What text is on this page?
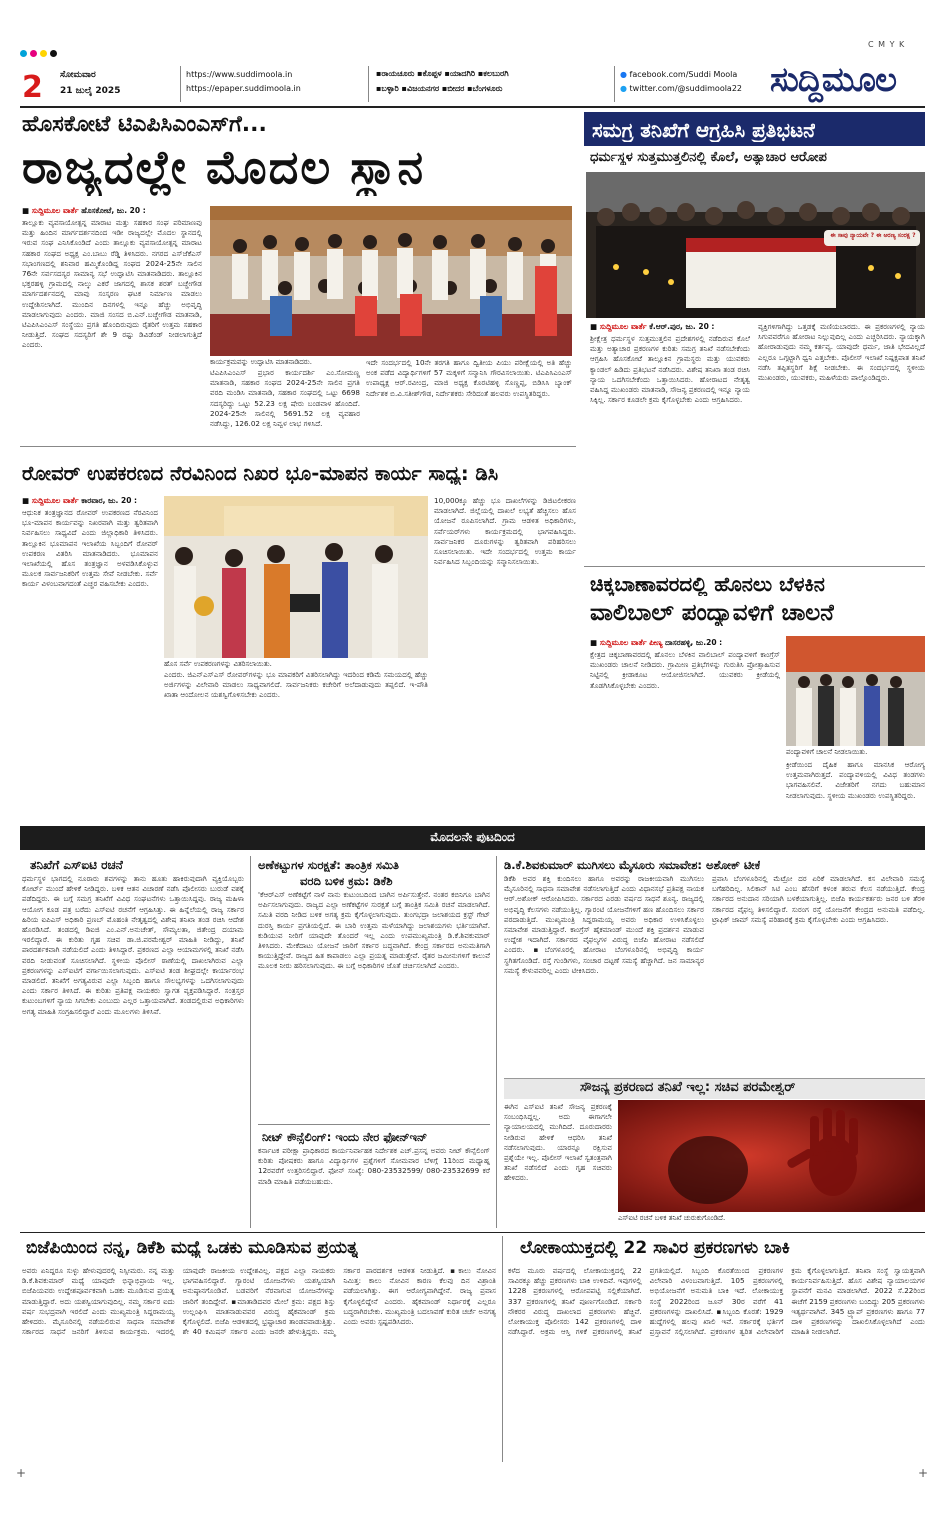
C M Y K
2 ಸೋಮವಾರ
21 ಜುಲೈ 2025
https://www.suddimoola.in
https://epaper.suddimoola.in
▪ರಾಯಚೂರು ▪ಕೊಪ್ಪಳ ▪ಯಾದಗಿರಿ ▪ಕಲಬುರಗಿ
▪ಬಳ್ಳಾರಿ ▪ವಿಜಯನಗರ ▪ಬೀದರ ▪ಬೆಂಗಳೂರು
● facebook.com/Suddi Moola
● twitter.com/@suddimoola22 ಸುದ್ದಿಮೂಲ
ಹೊಸಕೋಟೆ ಟಿಎಪಿಸಿಎಂಎಸ್‌ಗೆ...
ರಾಜ್ಯದಲ್ಲೇ ಮೊದಲ ಸ್ಥಾನ
■ ಸುದ್ದಿಮೂಲ ವಾರ್ತೆ ಹೊಸಕೋಟೆ, ಜು. 20 :
ತಾಲ್ಲೂಕು ವ್ಯವಸಾಯೋತ್ಪನ್ನ ಮಾರಾಟ ಮತ್ತು ಸಹಕಾರ ಸಂಘ ಪರಿಮಾಣವು ಮತ್ತು ಹಿಂದಿನ ಮಾರ್ಗದರ್ಶನದಿಂದ ಇಡೀ ರಾಜ್ಯದಲ್ಲೇ ಮೊದಲ ಸ್ಥಾನದಲ್ಲಿ ಇರುವ ಸಂಘ ಎನಿಸಿಕೊಂಡಿದೆ ಎಂದು ತಾಲ್ಲೂಕು ವ್ಯವಸಾಯೋತ್ಪನ್ನ ಮಾರಾಟ ಸಹಕಾರ ಸಂಘದ ಅಧ್ಯಕ್ಷ ಎಂ.ಬಾಬು ರೆಡ್ಡಿ ತಿಳಿಸಿದರು. ನಗರದ ಎಸ್‌ಜೆಕೆಎಸ್ ಸಭಾಂಗಣದಲ್ಲಿ ಶನಿವಾರ ಹಮ್ಮಿಕೊಂಡಿದ್ದ ಸಂಘದ 2024-25ನೇ ಸಾಲಿನ 76ನೇ ಸರ್ವಸದಸ್ಯರ ಸಾಮಾನ್ಯ ಸಭೆ ಉದ್ಘಾಟಿಸಿ ಮಾತನಾಡಿದರು. ತಾಲ್ಲೂಕಿನ ಭಕ್ತರಹಳ್ಳಿ ಗ್ರಾಮದಲ್ಲಿ ನಾಲ್ಕು ಎಕರೆ ಜಾಗದಲ್ಲಿ ಶಾಸಕ ಶರತ್ ಬಚ್ಚೇಗೌಡ ಮಾರ್ಗದರ್ಶನದಲ್ಲಿ ಮಾವು ಸಂಸ್ಕರಣ ಘಟಕ ನಿರ್ಮಾಣ ಮಾಡಲು ಉದ್ದೇಶಿಸಲಾಗಿದೆ. ಮುಂದಿನ ದಿನಗಳಲ್ಲಿ ಇನ್ನೂ ಹೆಚ್ಚು ಅಭಿವೃದ್ಧಿ ಮಾಡಲಾಗುವುದು ಎಂದರು. ಮಾಜಿ ಸಂಸದ ಬಿ.ಎನ್.ಬಚ್ಚೇಗೌಡ ಮಾತನಾಡಿ, ಟಿಎಪಿಸಿಎಂಎಸ್ ಸಂಸ್ಥೆಯು ಪ್ರಗತಿ ಹೊಂದಿರುವುದು ರೈತರಿಗೆ ಉತ್ತಮ ಸಹಕಾರ ನೀಡುತ್ತಿದೆ. ಸಂಘದ ಸದಸ್ಯರಿಗೆ ಶೇ 9 ರಷ್ಟು ಡಿವಿಡೆಂಡ್ ನೀಡಲಾಗುತ್ತಿದೆ ಎಂದರು.
ಕಾರ್ಯಕ್ರಮವನ್ನು ಉದ್ಘಾಟಿಸಿ ಮಾತನಾಡಿದರು.
ಟಿಎಪಿಸಿಎಂಎಸ್ ಪ್ರಭಾರ ಕಾರ್ಯದರ್ಶಿ ಎಂ.ಸೋಮಣ್ಣ ಮಾತನಾಡಿ, ಸಹಕಾರ ಸಂಘದ 2024-25ನೇ ಸಾಲಿನ ಪ್ರಗತಿ ವರದಿ ಮಂಡಿಸಿ ಮಾತನಾಡಿ, ಸಹಕಾರ ಸಂಘದಲ್ಲಿ ಒಟ್ಟು 6698 ಸದಸ್ಯರಿದ್ದು ಒಟ್ಟು 52.23 ಲಕ್ಷ ಷೇರು ಬಂಡವಾಳ ಹೊಂದಿದೆ. 2024-25ನೇ ಸಾಲಿನಲ್ಲಿ 5691.52 ಲಕ್ಷ ವ್ಯವಹಾರ ನಡೆಸಿದ್ದು, 126.02 ಲಕ್ಷ ನಿವ್ವಳ ಲಾಭ ಗಳಿಸಿದೆ.
ಇದೇ ಸಂದರ್ಭದಲ್ಲಿ 10ನೇ ತರಗತಿ ಹಾಗೂ ದ್ವಿತೀಯ ಪಿಯು ಪರೀಕ್ಷೆಯಲ್ಲಿ ಅತಿ ಹೆಚ್ಚು ಅಂಕ ಪಡೆದ ವಿದ್ಯಾರ್ಥಿಗಳಿಗೆ 57 ಮಕ್ಕಳಿಗೆ ಸನ್ಮಾನಿಸಿ ಗೌರವಿಸಲಾಯಿತು. ಟಿಎಪಿಸಿಎಂಎಸ್ ಉಪಾಧ್ಯಕ್ಷ ಆರ್.ರವೀಂದ್ರ, ಮಾಜಿ ಅಧ್ಯಕ್ಷ ಕೊರಟಿಹಳ್ಳಿ ಸೊಣ್ಣಪ್ಪ, ಬಿಡಿಸಿಸಿ ಬ್ಯಾಂಕ್ ನಿರ್ದೇಶಕ ಬಿ.ವಿ.ಸತೀಶ್‌ಗೌಡ, ನಿರ್ದೇಶಕರು ಸೇರಿದಂತೆ ಹಲವರು ಉಪಸ್ಥಿತರಿದ್ದರು.
ಸಮಗ್ರ ತನಿಖೆಗೆ ಆಗ್ರಹಿಸಿ ಪ್ರತಿಭಟನೆ
ಧರ್ಮಸ್ಥಳ ಸುತ್ತಮುತ್ತಲಿನಲ್ಲಿ ಕೊಲೆ, ಅತ್ಯಾಚಾರ ಆರೋಪ
ಈ ಸಾವು ನ್ಯಾಯವೇ ? ಈ ಅರಣ್ಯ ಸಂರಕ್ಷ ?
■ ಸುದ್ದಿಮೂಲ ವಾರ್ತೆ ಕೆ.ಆರ್.ಪುರ, ಜು. 20 :
ಶ್ರೀಕ್ಷೇತ್ರ ಧರ್ಮಸ್ಥಳ ಸುತ್ತಮುತ್ತಲಿನ ಪ್ರದೇಶಗಳಲ್ಲಿ ನಡೆದಿರುವ ಕೊಲೆ ಮತ್ತು ಅತ್ಯಾಚಾರ ಪ್ರಕರಣಗಳ ಕುರಿತು ಸಮಗ್ರ ತನಿಖೆ ನಡೆಸಬೇಕೆಂದು ಆಗ್ರಹಿಸಿ ಹೊಸಕೋಟೆ ತಾಲ್ಲೂಕಿನ ಗ್ರಾಮಸ್ಥರು ಮತ್ತು ಯುವಕರು ಕ್ಯಾಂಡಲ್ ಹಿಡಿದು ಪ್ರತಿಭಟನೆ ನಡೆಸಿದರು. ವಿಶೇಷ ತನಿಖಾ ತಂಡ ರಚಿಸಿ ನ್ಯಾಯ ಒದಗಿಸಬೇಕೆಂದು ಒತ್ತಾಯಿಸಿದರು. ಹೋರಾಟದ ನೇತೃತ್ವ ವಹಿಸಿದ್ದ ಮುಖಂಡರು ಮಾತನಾಡಿ, ಸೌಜನ್ಯ ಪ್ರಕರಣದಲ್ಲಿ ಇನ್ನೂ ನ್ಯಾಯ ಸಿಕ್ಕಿಲ್ಲ. ಸರ್ಕಾರ ಕೂಡಲೇ ಕ್ರಮ ಕೈಗೊಳ್ಳಬೇಕು ಎಂದು ಆಗ್ರಹಿಸಿದರು.
ವ್ಯಕ್ತಿಗಳಿಗಾಗಿದ್ದು ಒತ್ತಡಕ್ಕೆ ಮಣಿಯಬಾರದು. ಈ ಪ್ರಕರಣಗಳಲ್ಲಿ ನ್ಯಾಯ ಸಿಗುವವರೆಗೂ ಹೋರಾಟ ನಿಲ್ಲುವುದಿಲ್ಲ ಎಂದು ಎಚ್ಚರಿಸಿದರು. ನ್ಯಾಯಕ್ಕಾಗಿ ಹೋರಾಡುವುದು ನಮ್ಮ ಕರ್ತವ್ಯ. ಯಾವುದೇ ಧರ್ಮ, ಜಾತಿ ಭೇದವಿಲ್ಲದೆ ಎಲ್ಲರೂ ಒಗ್ಗಟ್ಟಾಗಿ ಧ್ವನಿ ಎತ್ತಬೇಕು. ಪೊಲೀಸ್ ಇಲಾಖೆ ನಿಷ್ಪಕ್ಷಪಾತ ತನಿಖೆ ನಡೆಸಿ ತಪ್ಪಿತಸ್ಥರಿಗೆ ಶಿಕ್ಷೆ ನೀಡಬೇಕು. ಈ ಸಂದರ್ಭದಲ್ಲಿ ಸ್ಥಳೀಯ ಮುಖಂಡರು, ಯುವಕರು, ಮಹಿಳೆಯರು ಪಾಲ್ಗೊಂಡಿದ್ದರು.
ರೋವರ್ ಉಪಕರಣದ ನೆರವಿನಿಂದ ನಿಖರ ಭೂ-ಮಾಪನ ಕಾರ್ಯ ಸಾಧ್ಯ: ಡಿಸಿ
■ ಸುದ್ದಿಮೂಲ ವಾರ್ತೆ ಕಾರವಾರ, ಜು. 20 :
ಆಧುನಿಕ ತಂತ್ರಜ್ಞಾನದ ರೋವರ್ ಉಪಕರಣದ ನೆರವಿನಿಂದ ಭೂ-ಮಾಪನ ಕಾರ್ಯವನ್ನು ನಿಖರವಾಗಿ ಮತ್ತು ತ್ವರಿತವಾಗಿ ನಿರ್ವಹಿಸಲು ಸಾಧ್ಯವಿದೆ ಎಂದು ಜಿಲ್ಲಾಧಿಕಾರಿ ತಿಳಿಸಿದರು. ತಾಲ್ಲೂಕಿನ ಭೂಮಾಪನ ಇಲಾಖೆಯ ಸಿಬ್ಬಂದಿಗೆ ರೋವರ್ ಉಪಕರಣ ವಿತರಿಸಿ ಮಾತನಾಡಿದರು. ಭೂಮಾಪನ ಇಲಾಖೆಯಲ್ಲಿ ಹೊಸ ತಂತ್ರಜ್ಞಾನ ಅಳವಡಿಸಿಕೊಳ್ಳುವ ಮೂಲಕ ಸಾರ್ವಜನಿಕರಿಗೆ ಉತ್ತಮ ಸೇವೆ ನೀಡಬೇಕು. ಸರ್ವೆ ಕಾರ್ಯ ವಿಳಂಬವಾಗದಂತೆ ಎಚ್ಚರ ವಹಿಸಬೇಕು ಎಂದರು.
ಹೊಸ ಸರ್ವೆ ಉಪಕರಣಗಳನ್ನು ವಿತರಿಸಲಾಯಿತು.
ಎಂದರು. ಜಿಎನ್ಎಸ್ಎಸ್ ರೋವರ್‌ಗಳನ್ನು ಭೂ ಮಾಪಕರಿಗೆ ವಿತರಿಸಲಾಗಿದ್ದು ಇದರಿಂದ ಕಡಿಮೆ ಸಮಯದಲ್ಲಿ ಹೆಚ್ಚು ಅರ್ಜಿಗಳನ್ನು ವಿಲೇವಾರಿ ಮಾಡಲು ಸಾಧ್ಯವಾಗಲಿದೆ. ಸಾರ್ವಜನಿಕರು ಕಚೇರಿಗೆ ಅಲೆದಾಡುವುದು ತಪ್ಪಲಿದೆ. ಇ-ಪೌತಿ ಖಾತಾ ಆಂದೋಲನ ಯಶಸ್ವಿಗೊಳಿಸಬೇಕು ಎಂದರು.
10,000ಕ್ಕೂ ಹೆಚ್ಚು ಭೂ ದಾಖಲೆಗಳನ್ನು ಡಿಜಿಟಲೀಕರಣ ಮಾಡಲಾಗಿದೆ. ಜಿಲ್ಲೆಯಲ್ಲಿ ದಾಖಲೆ ಲಭ್ಯತೆ ಹೆಚ್ಚಿಸಲು ಹೊಸ ಯೋಜನೆ ರೂಪಿಸಲಾಗಿದೆ. ಗ್ರಾಮ ಆಡಳಿತ ಅಧಿಕಾರಿಗಳು, ಸರ್ವೆಯರ್‌ಗಳು ಕಾರ್ಯಕ್ರಮದಲ್ಲಿ ಭಾಗವಹಿಸಿದ್ದರು. ಸಾರ್ವಜನಿಕರ ದೂರುಗಳನ್ನು ತ್ವರಿತವಾಗಿ ಪರಿಹರಿಸಲು ಸೂಚಿಸಲಾಯಿತು. ಇದೇ ಸಂದರ್ಭದಲ್ಲಿ ಉತ್ತಮ ಕಾರ್ಯ ನಿರ್ವಹಿಸಿದ ಸಿಬ್ಬಂದಿಯನ್ನು ಸನ್ಮಾನಿಸಲಾಯಿತು.
ಚಿಕ್ಕಬಾಣಾವರದಲ್ಲಿ ಹೊನಲು ಬೆಳಕಿನ
ವಾಲಿಬಾಲ್ ಪಂದ್ಯಾವಳಿಗೆ ಚಾಲನೆ
■ ಸುದ್ದಿಮೂಲ ವಾರ್ತೆ ಪೀಣ್ಯ ದಾಸರಹಳ್ಳಿ, ಜು.20 :
ಕ್ಷೇತ್ರದ ಚಿಕ್ಕಬಾಣಾವರದಲ್ಲಿ ಹೊನಲು ಬೆಳಕಿನ ವಾಲಿಬಾಲ್ ಪಂದ್ಯಾವಳಿಗೆ ಕಾಂಗ್ರೆಸ್ ಮುಖಂಡರು ಚಾಲನೆ ನೀಡಿದರು. ಗ್ರಾಮೀಣ ಪ್ರತಿಭೆಗಳನ್ನು ಗುರುತಿಸಿ ಪ್ರೋತ್ಸಾಹಿಸುವ ನಿಟ್ಟಿನಲ್ಲಿ ಕ್ರೀಡಾಕೂಟ ಆಯೋಜಿಸಲಾಗಿದೆ. ಯುವಕರು ಕ್ರೀಡೆಯಲ್ಲಿ ತೊಡಗಿಸಿಕೊಳ್ಳಬೇಕು ಎಂದರು.
ಪಂದ್ಯಾವಳಿಗೆ ಚಾಲನೆ ನೀಡಲಾಯಿತು.
ಕ್ರೀಡೆಯಿಂದ ದೈಹಿಕ ಹಾಗೂ ಮಾನಸಿಕ ಆರೋಗ್ಯ ಉತ್ತಮವಾಗಿರುತ್ತದೆ. ಪಂದ್ಯಾವಳಿಯಲ್ಲಿ ವಿವಿಧ ತಂಡಗಳು ಭಾಗವಹಿಸಲಿವೆ. ವಿಜೇತರಿಗೆ ನಗದು ಬಹುಮಾನ ನೀಡಲಾಗುವುದು. ಸ್ಥಳೀಯ ಮುಖಂಡರು ಉಪಸ್ಥಿತರಿದ್ದರು.
ಮೊದಲನೇ ಪುಟದಿಂದ
ತನಿಖೆಗೆ ಎಸ್‌ಐಟಿ ರಚನೆ
ಧರ್ಮಸ್ಥಳ ಭಾಗದಲ್ಲಿ ನೂರಾರು ಶವಗಳನ್ನು ತಾನು ಹೂತು ಹಾಕಿರುವುದಾಗಿ ವ್ಯಕ್ತಿಯೊಬ್ಬರು ಕೋರ್ಟ್ ಮುಂದೆ ಹೇಳಿಕೆ ನೀಡಿದ್ದರು. ಬಳಿಕ ಆತನ ವಿಚಾರಣೆ ನಡೆಸಿ ಪೊಲೀಸರು ಬುರುಡೆ ವಶಕ್ಕೆ ಪಡೆದಿದ್ದರು. ಈ ಬಗ್ಗೆ ಸಮಗ್ರ ತನಿಖೆಗೆ ವಿವಿಧ ಸಂಘಟನೆಗಳು ಒತ್ತಾಯಿಸಿದ್ದವು. ರಾಜ್ಯ ಮಹಿಳಾ ಆಯೋಗ ಕೂಡ ಪತ್ರ ಬರೆದು ಎಸ್‌ಐಟಿ ರಚನೆಗೆ ಆಗ್ರಹಿಸಿತ್ತು. ಈ ಹಿನ್ನೆಲೆಯಲ್ಲಿ ರಾಜ್ಯ ಸರ್ಕಾರ ಹಿರಿಯ ಐಪಿಎಸ್ ಅಧಿಕಾರಿ ಪ್ರಣಬ್ ಮೊಹಂತಿ ನೇತೃತ್ವದಲ್ಲಿ ವಿಶೇಷ ತನಿಖಾ ತಂಡ ರಚಿಸಿ ಆದೇಶ ಹೊರಡಿಸಿದೆ. ತಂಡದಲ್ಲಿ ಡಿಐಜಿ ಎಂ.ಎನ್.ಅನುಚೇತ್, ಸೌಮ್ಯಲತಾ, ಜಿತೇಂದ್ರ ದಯಾಮ ಇರಲಿದ್ದಾರೆ. ಈ ಕುರಿತು ಗೃಹ ಸಚಿವ ಡಾ.ಜಿ.ಪರಮೇಶ್ವರ್ ಮಾಹಿತಿ ನೀಡಿದ್ದು, ತನಿಖೆ ಪಾರದರ್ಶಕವಾಗಿ ನಡೆಯಲಿದೆ ಎಂದು ತಿಳಿಸಿದ್ದಾರೆ. ಪ್ರಕರಣದ ಎಲ್ಲಾ ಆಯಾಮಗಳಲ್ಲಿ ತನಿಖೆ ನಡೆಸಿ ವರದಿ ನೀಡುವಂತೆ ಸೂಚಿಸಲಾಗಿದೆ. ಸ್ಥಳೀಯ ಪೊಲೀಸ್ ಠಾಣೆಯಲ್ಲಿ ದಾಖಲಾಗಿರುವ ಎಲ್ಲಾ ಪ್ರಕರಣಗಳನ್ನು ಎಸ್‌ಐಟಿಗೆ ವರ್ಗಾಯಿಸಲಾಗುವುದು. ಎಸ್‌ಐಟಿ ತಂಡ ಶೀಘ್ರದಲ್ಲೇ ಕಾರ್ಯಾರಂಭ ಮಾಡಲಿದೆ. ತನಿಖೆಗೆ ಅಗತ್ಯವಿರುವ ಎಲ್ಲಾ ಸಿಬ್ಬಂದಿ ಹಾಗೂ ಸೌಲಭ್ಯಗಳನ್ನು ಒದಗಿಸಲಾಗುವುದು ಎಂದು ಸರ್ಕಾರ ತಿಳಿಸಿದೆ. ಈ ಕುರಿತು ಪ್ರತಿಪಕ್ಷ ನಾಯಕರು ಸ್ವಾಗತ ವ್ಯಕ್ತಪಡಿಸಿದ್ದಾರೆ. ಸಂತ್ರಸ್ತರ ಕುಟುಂಬಗಳಿಗೆ ನ್ಯಾಯ ಸಿಗಬೇಕು ಎಂಬುದು ಎಲ್ಲರ ಒತ್ತಾಯವಾಗಿದೆ. ತಂಡದಲ್ಲಿರುವ ಅಧಿಕಾರಿಗಳು ಅಗತ್ಯ ಮಾಹಿತಿ ಸಂಗ್ರಹಿಸಲಿದ್ದಾರೆ ಎಂದು ಮೂಲಗಳು ತಿಳಿಸಿವೆ.
ಅಣೆಕಟ್ಟುಗಳ ಸುರಕ್ಷತೆ: ತಾಂತ್ರಿಕ ಸಮಿತಿ
ವರದಿ ಬಳಿಕ ಕ್ರಮ: ಡಿಕೆಶಿ
'ಕೆಆರ್‌ಎಸ್ ಅಣೆಕಟ್ಟೆಗೆ ನಾಳೆ ನಾನು ಕುಟುಂಬದಿಂದ ಬಾಗಿನ ಅರ್ಪಿಸುತ್ತೇನೆ. ನಂತರ ಕಬಿನಿಗೂ ಬಾಗಿನ ಅರ್ಪಿಸಲಾಗುವುದು. ರಾಜ್ಯದ ಎಲ್ಲಾ ಅಣೆಕಟ್ಟೆಗಳ ಸುರಕ್ಷತೆ ಬಗ್ಗೆ ತಾಂತ್ರಿಕ ಸಮಿತಿ ರಚನೆ ಮಾಡಲಾಗಿದೆ. ಸಮಿತಿ ವರದಿ ನೀಡಿದ ಬಳಿಕ ಅಗತ್ಯ ಕ್ರಮ ಕೈಗೊಳ್ಳಲಾಗುವುದು. ತುಂಗಭದ್ರಾ ಜಲಾಶಯದ ಕ್ರಸ್ಟ್ ಗೇಟ್ ದುರಸ್ತಿ ಕಾರ್ಯ ಪ್ರಗತಿಯಲ್ಲಿದೆ. ಈ ಬಾರಿ ಉತ್ತಮ ಮಳೆಯಾಗಿದ್ದು ಜಲಾಶಯಗಳು ಭರ್ತಿಯಾಗಿವೆ. ಕುಡಿಯುವ ನೀರಿಗೆ ಯಾವುದೇ ತೊಂದರೆ ಇಲ್ಲ ಎಂದು ಉಪಮುಖ್ಯಮಂತ್ರಿ ಡಿ.ಕೆ.ಶಿವಕುಮಾರ್ ತಿಳಿಸಿದರು. ಮೇಕೆದಾಟು ಯೋಜನೆ ಜಾರಿಗೆ ಸರ್ಕಾರ ಬದ್ಧವಾಗಿದೆ. ಕೇಂದ್ರ ಸರ್ಕಾರದ ಅನುಮತಿಗಾಗಿ ಕಾಯುತ್ತಿದ್ದೇವೆ. ರಾಜ್ಯದ ಹಿತ ಕಾಪಾಡಲು ಎಲ್ಲಾ ಪ್ರಯತ್ನ ಮಾಡುತ್ತೇವೆ. ರೈತರ ಜಮೀನುಗಳಿಗೆ ಕಾಲುವೆ ಮೂಲಕ ನೀರು ಹರಿಸಲಾಗುವುದು. ಈ ಬಗ್ಗೆ ಅಧಿಕಾರಿಗಳ ಜೊತೆ ಚರ್ಚಿಸಲಾಗಿದೆ ಎಂದರು.
ನೀಟ್ ಕೌನ್ಸೆಲಿಂಗ್: ಇಂದು ನೇರ ಫೋನ್‌ಇನ್
ಕರ್ನಾಟಕ ಪರೀಕ್ಷಾ ಪ್ರಾಧಿಕಾರದ ಕಾರ್ಯನಿರ್ವಾಹಕ ನಿರ್ದೇಶಕ ಎಚ್.ಪ್ರಸನ್ನ ಅವರು ನೀಟ್ ಕೌನ್ಸೆಲಿಂಗ್ ಕುರಿತು ಪೋಷಕರು ಹಾಗೂ ವಿದ್ಯಾರ್ಥಿಗಳ ಪ್ರಶ್ನೆಗಳಿಗೆ ಸೋಮವಾರ ಬೆಳಿಗ್ಗೆ 11ರಿಂದ ಮಧ್ಯಾಹ್ನ 12ರವರೆಗೆ ಉತ್ತರಿಸಲಿದ್ದಾರೆ. ಫೋನ್ ಸಂಖ್ಯೆ: 080-23532599/ 080-23532699 ಕರೆ ಮಾಡಿ ಮಾಹಿತಿ ಪಡೆಯಬಹುದು.
ಡಿ.ಕೆ.ಶಿವಕುಮಾರ್ ಮುಗಿಸಲು ಮೈಸೂರು ಸಮಾವೇಶ: ಅಶೋಕ್ ಟೀಕೆ
ಡಿಕೆಶಿ ಅವರ ಶಕ್ತಿ ಕುಂದಿಸಲು ಹಾಗೂ ಅವರನ್ನು ರಾಜಕೀಯವಾಗಿ ಮುಗಿಸಲು ಮೈಸೂರಿನಲ್ಲಿ ಸಾಧನಾ ಸಮಾವೇಶ ನಡೆಸಲಾಗುತ್ತಿದೆ ಎಂದು ವಿಧಾನಸಭೆ ಪ್ರತಿಪಕ್ಷ ನಾಯಕ ಆರ್.ಅಶೋಕ್ ಆರೋಪಿಸಿದರು. ಸರ್ಕಾರದ ಎರಡು ವರ್ಷದ ಸಾಧನೆ ಶೂನ್ಯ. ರಾಜ್ಯದಲ್ಲಿ ಅಭಿವೃದ್ಧಿ ಕೆಲಸಗಳು ನಡೆಯುತ್ತಿಲ್ಲ. ಗ್ಯಾರಂಟಿ ಯೋಜನೆಗಳಿಗೆ ಹಣ ಹೊಂದಿಸಲು ಸರ್ಕಾರ ಪರದಾಡುತ್ತಿದೆ. ಮುಖ್ಯಮಂತ್ರಿ ಸಿದ್ದರಾಮಯ್ಯ ಅವರು ಅಧಿಕಾರ ಉಳಿಸಿಕೊಳ್ಳಲು ಸಮಾವೇಶ ಮಾಡುತ್ತಿದ್ದಾರೆ. ಕಾಂಗ್ರೆಸ್ ಹೈಕಮಾಂಡ್ ಮುಂದೆ ಶಕ್ತಿ ಪ್ರದರ್ಶನ ಮಾಡುವ ಉದ್ದೇಶ ಇದಾಗಿದೆ. ಸರ್ಕಾರದ ವೈಫಲ್ಯಗಳ ವಿರುದ್ಧ ಬಿಜೆಪಿ ಹೋರಾಟ ನಡೆಸಲಿದೆ ಎಂದರು. ▪ಬೆಂಗಳೂರಲ್ಲಿ ಹೋರಾಟ ಬೆಂಗಳೂರಿನಲ್ಲಿ ಅಭಿವೃದ್ಧಿ ಕಾರ್ಯ ಸ್ಥಗಿತಗೊಂಡಿದೆ. ರಸ್ತೆ ಗುಂಡಿಗಳು, ಸಂಚಾರ ದಟ್ಟಣೆ ಸಮಸ್ಯೆ ಹೆಚ್ಚಾಗಿದೆ. ಜನ ಸಾಮಾನ್ಯರ ಸಮಸ್ಯೆ ಕೇಳುವವರಿಲ್ಲ ಎಂದು ಟೀಕಿಸಿದರು.
ಪ್ರವಾಸಿ ಬೆಂಗಳೂರಿನಲ್ಲಿ ಮೆಟ್ರೋ ದರ ಏರಿಕೆ ಮಾಡಲಾಗಿದೆ. ಕಸ ವಿಲೇವಾರಿ ಸಮಸ್ಯೆ ಬಗೆಹರಿದಿಲ್ಲ. ಸಿಲಿಕಾನ್ ಸಿಟಿ ಎಂಬ ಹೆಸರಿಗೆ ಕಳಂಕ ತರುವ ಕೆಲಸ ನಡೆಯುತ್ತಿದೆ. ಕೇಂದ್ರ ಸರ್ಕಾರದ ಅನುದಾನ ಸರಿಯಾಗಿ ಬಳಕೆಯಾಗುತ್ತಿಲ್ಲ. ಬಿಜೆಪಿ ಕಾರ್ಯಕರ್ತರು ಜನರ ಬಳಿ ತೆರಳಿ ಸರ್ಕಾರದ ವೈಫಲ್ಯ ತಿಳಿಸಲಿದ್ದಾರೆ. ಸುರಂಗ ರಸ್ತೆ ಯೋಜನೆಗೆ ಕೇಂದ್ರದ ಅನುಮತಿ ಪಡೆದಿಲ್ಲ. ಟ್ರಾಫಿಕ್ ಜಾಮ್ ಸಮಸ್ಯೆ ಪರಿಹಾರಕ್ಕೆ ಕ್ರಮ ಕೈಗೊಳ್ಳಬೇಕು ಎಂದು ಆಗ್ರಹಿಸಿದರು.
ಸೌಜನ್ಯ ಪ್ರಕರಣದ ತನಿಖೆ ಇಲ್ಲ: ಸಚಿವ ಪರಮೇಶ್ವರ್
ಈಗಿನ ಎಸ್‌ಐಟಿ ತನಿಖೆ ಸೌಜನ್ಯ ಪ್ರಕರಣಕ್ಕೆ ಸಂಬಂಧಿಸಿದ್ದಲ್ಲ. ಅದು ಈಗಾಗಲೇ ನ್ಯಾಯಾಲಯದಲ್ಲಿ ಮುಗಿದಿದೆ. ದೂರುದಾರರು ನೀಡಿರುವ ಹೇಳಿಕೆ ಆಧರಿಸಿ ತನಿಖೆ ನಡೆಸಲಾಗುವುದು. ಯಾರನ್ನೂ ರಕ್ಷಿಸುವ ಪ್ರಶ್ನೆಯೇ ಇಲ್ಲ. ಪೊಲೀಸ್ ಇಲಾಖೆ ಸ್ವತಂತ್ರವಾಗಿ ತನಿಖೆ ನಡೆಸಲಿದೆ ಎಂದು ಗೃಹ ಸಚಿವರು ಹೇಳಿದರು.
ಎಸ್‌ಐಟಿ ರಚನೆ ಬಳಿಕ ತನಿಖೆ ಚುರುಕುಗೊಂಡಿದೆ.
ಬಿಜೆಪಿಯಿಂದ ನನ್ನ, ಡಿಕೆಶಿ ಮಧ್ಯೆ ಒಡಕು ಮೂಡಿಸುವ ಪ್ರಯತ್ನ
ಅವರು ಏನಿದ್ದರೂ ಸುಳ್ಳು ಹೇಳುವುದರಲ್ಲಿ ನಿಸ್ಸೀಮರು. ನನ್ನ ಮತ್ತು ಡಿ.ಕೆ.ಶಿವಕುಮಾರ್ ಮಧ್ಯೆ ಯಾವುದೇ ಭಿನ್ನಾಭಿಪ್ರಾಯ ಇಲ್ಲ. ಬಿಜೆಪಿಯವರು ಉದ್ದೇಶಪೂರ್ವಕವಾಗಿ ಒಡಕು ಮೂಡಿಸುವ ಪ್ರಯತ್ನ ಮಾಡುತ್ತಿದ್ದಾರೆ. ಅದು ಯಶಸ್ವಿಯಾಗುವುದಿಲ್ಲ. ನಮ್ಮ ಸರ್ಕಾರ ಐದು ವರ್ಷ ಸುಭದ್ರವಾಗಿ ಇರಲಿದೆ ಎಂದು ಮುಖ್ಯಮಂತ್ರಿ ಸಿದ್ದರಾಮಯ್ಯ ಹೇಳಿದರು. ಮೈಸೂರಿನಲ್ಲಿ ನಡೆಯಲಿರುವ ಸಾಧನಾ ಸಮಾವೇಶ ಸರ್ಕಾರದ ಸಾಧನೆ ಜನರಿಗೆ ತಿಳಿಸುವ ಕಾರ್ಯಕ್ರಮ. ಇದರಲ್ಲಿ ಯಾವುದೇ ರಾಜಕೀಯ ಉದ್ದೇಶವಿಲ್ಲ. ಪಕ್ಷದ ಎಲ್ಲಾ ನಾಯಕರು ಭಾಗವಹಿಸಲಿದ್ದಾರೆ. ಗ್ಯಾರಂಟಿ ಯೋಜನೆಗಳು ಯಶಸ್ವಿಯಾಗಿ ಅನುಷ್ಠಾನಗೊಂಡಿವೆ. ಬಡವರಿಗೆ ನೆರವಾಗುವ ಯೋಜನೆಗಳನ್ನು ಜಾರಿಗೆ ತಂದಿದ್ದೇವೆ. ▪ಮಾತಾಡಿದವರ ಮೇಲೆ ಕ್ರಮ: ಪಕ್ಷದ ಶಿಸ್ತು ಉಲ್ಲಂಘಿಸಿ ಮಾತನಾಡುವವರ ವಿರುದ್ಧ ಹೈಕಮಾಂಡ್ ಕ್ರಮ ಕೈಗೊಳ್ಳಲಿದೆ. ಬಿಜೆಪಿ ಆಡಳಿತದಲ್ಲಿ ಭ್ರಷ್ಟಾಚಾರ ತಾಂಡವವಾಡುತ್ತಿತ್ತು. ಶೇ 40 ಕಮಿಷನ್ ಸರ್ಕಾರ ಎಂದು ಜನರೇ ಹೇಳುತ್ತಿದ್ದರು. ನಮ್ಮ ಸರ್ಕಾರ ಪಾರದರ್ಶಕ ಆಡಳಿತ ನೀಡುತ್ತಿದೆ. ▪ಕಾಲು ನೋವಿನ ನಿಮಿತ್ತ: ಕಾಲು ನೋವಿನ ಕಾರಣ ಕೆಲವು ದಿನ ವಿಶ್ರಾಂತಿ ಪಡೆಯಲಾಗಿತ್ತು. ಈಗ ಆರೋಗ್ಯವಾಗಿದ್ದೇನೆ. ರಾಜ್ಯ ಪ್ರವಾಸ ಕೈಗೊಳ್ಳಲಿದ್ದೇನೆ ಎಂದರು. ಹೈಕಮಾಂಡ್ ನಿರ್ಧಾರಕ್ಕೆ ಎಲ್ಲರೂ ಬದ್ಧರಾಗಿರಬೇಕು. ಮುಖ್ಯಮಂತ್ರಿ ಬದಲಾವಣೆ ಕುರಿತ ಚರ್ಚೆ ಅನಗತ್ಯ ಎಂದು ಅವರು ಸ್ಪಷ್ಟಪಡಿಸಿದರು.
ಲೋಕಾಯುಕ್ತದಲ್ಲಿ 22 ಸಾವಿರ ಪ್ರಕರಣಗಳು ಬಾಕಿ
ಕಳೆದ ಮೂರು ವರ್ಷದಲ್ಲಿ ಲೋಕಾಯುಕ್ತದಲ್ಲಿ 22 ಸಾವಿರಕ್ಕೂ ಹೆಚ್ಚು ಪ್ರಕರಣಗಳು ಬಾಕಿ ಉಳಿದಿವೆ. ಇವುಗಳಲ್ಲಿ 1228 ಪ್ರಕರಣಗಳಲ್ಲಿ ಆರೋಪಪಟ್ಟಿ ಸಲ್ಲಿಕೆಯಾಗಿದೆ. 337 ಪ್ರಕರಣಗಳಲ್ಲಿ ತನಿಖೆ ಪೂರ್ಣಗೊಂಡಿದೆ. ಸರ್ಕಾರಿ ನೌಕರರ ವಿರುದ್ಧ ದಾಖಲಾದ ಪ್ರಕರಣಗಳು ಹೆಚ್ಚಿವೆ. ಲೋಕಾಯುಕ್ತ ಪೊಲೀಸರು 142 ಪ್ರಕರಣಗಳಲ್ಲಿ ದಾಳಿ ನಡೆಸಿದ್ದಾರೆ. ಅಕ್ರಮ ಆಸ್ತಿ ಗಳಿಕೆ ಪ್ರಕರಣಗಳಲ್ಲಿ ತನಿಖೆ ಪ್ರಗತಿಯಲ್ಲಿದೆ. ಸಿಬ್ಬಂದಿ ಕೊರತೆಯಿಂದ ಪ್ರಕರಣಗಳ ವಿಲೇವಾರಿ ವಿಳಂಬವಾಗುತ್ತಿದೆ. 105 ಪ್ರಕರಣಗಳಲ್ಲಿ ಅಭಿಯೋಜನೆಗೆ ಅನುಮತಿ ಬಾಕಿ ಇದೆ. ಲೋಕಾಯುಕ್ತ ಸಂಸ್ಥೆ 2022ರಿಂದ ಜೂನ್ 30ರ ವರೆಗೆ 41 ಪ್ರಕರಣಗಳನ್ನು ದಾಖಲಿಸಿದೆ. ▪ಸಿಬ್ಬಂದಿ ಕೊರತೆ: 1929 ಹುದ್ದೆಗಳಲ್ಲಿ ಹಲವು ಖಾಲಿ ಇವೆ. ಸರ್ಕಾರಕ್ಕೆ ಭರ್ತಿಗೆ ಪ್ರಸ್ತಾವನೆ ಸಲ್ಲಿಸಲಾಗಿದೆ. ಪ್ರಕರಣಗಳ ತ್ವರಿತ ವಿಲೇವಾರಿಗೆ ಕ್ರಮ ಕೈಗೊಳ್ಳಲಾಗುತ್ತಿದೆ. ತನಿಖಾ ಸಂಸ್ಥೆ ಸ್ವಾಯತ್ತವಾಗಿ ಕಾರ್ಯನಿರ್ವಹಿಸುತ್ತಿದೆ. ಹೊಸ ವಿಶೇಷ ನ್ಯಾಯಾಲಯಗಳ ಸ್ಥಾಪನೆಗೆ ಮನವಿ ಮಾಡಲಾಗಿದೆ. 2022 ಸೆ.22ರಿಂದ ಈಚೆಗೆ 2159 ಪ್ರಕರಣಗಳು ಬಂದಿದ್ದು 205 ಪ್ರಕರಣಗಳು ಇತ್ಯರ್ಥವಾಗಿವೆ. 345 ಟ್ರ್ಯಾಪ್ ಪ್ರಕರಣಗಳು ಹಾಗೂ 77 ದಾಳಿ ಪ್ರಕರಣಗಳನ್ನು ದಾಖಲಿಸಿಕೊಳ್ಳಲಾಗಿದೆ ಎಂದು ಮಾಹಿತಿ ನೀಡಲಾಗಿದೆ.
+	+
